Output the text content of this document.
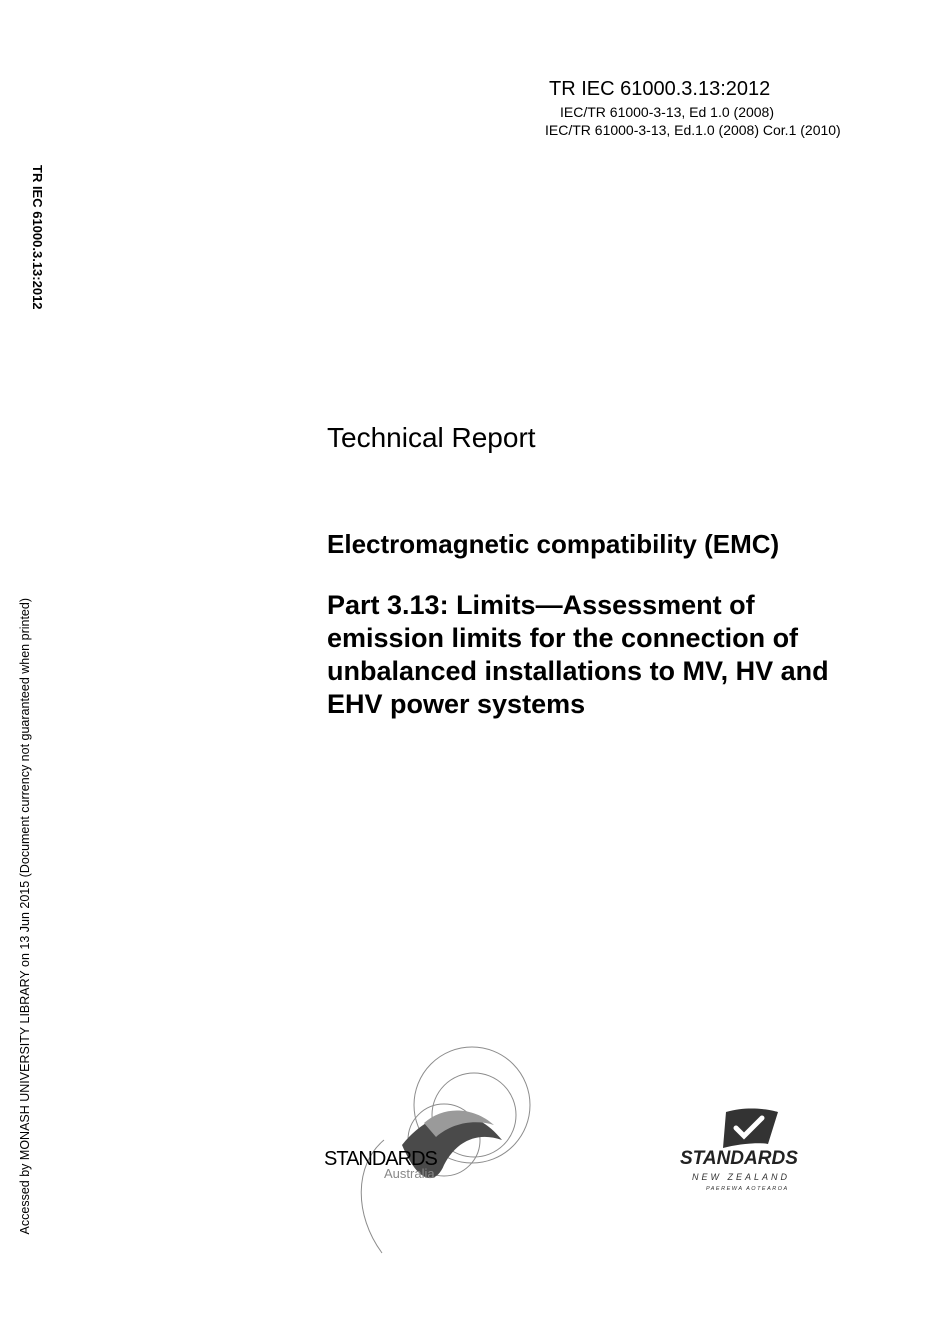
TR IEC 61000.3.13:2012
IEC/TR 61000-3-13, Ed 1.0 (2008)
IEC/TR 61000-3-13, Ed.1.0 (2008) Cor.1 (2010)
TR IEC 61000.3.13:2012
Accessed by MONASH UNIVERSITY LIBRARY on 13 Jun 2015 (Document currency not guaranteed when printed)
Technical Report
Electromagnetic compatibility (EMC)
Part 3.13: Limits—Assessment of
emission limits for the connection of
unbalanced installations to MV, HV and
EHV power systems
STANDARDS
Australia
STANDARDS
NEW ZEALAND
PAEREWA AOTEAROA
